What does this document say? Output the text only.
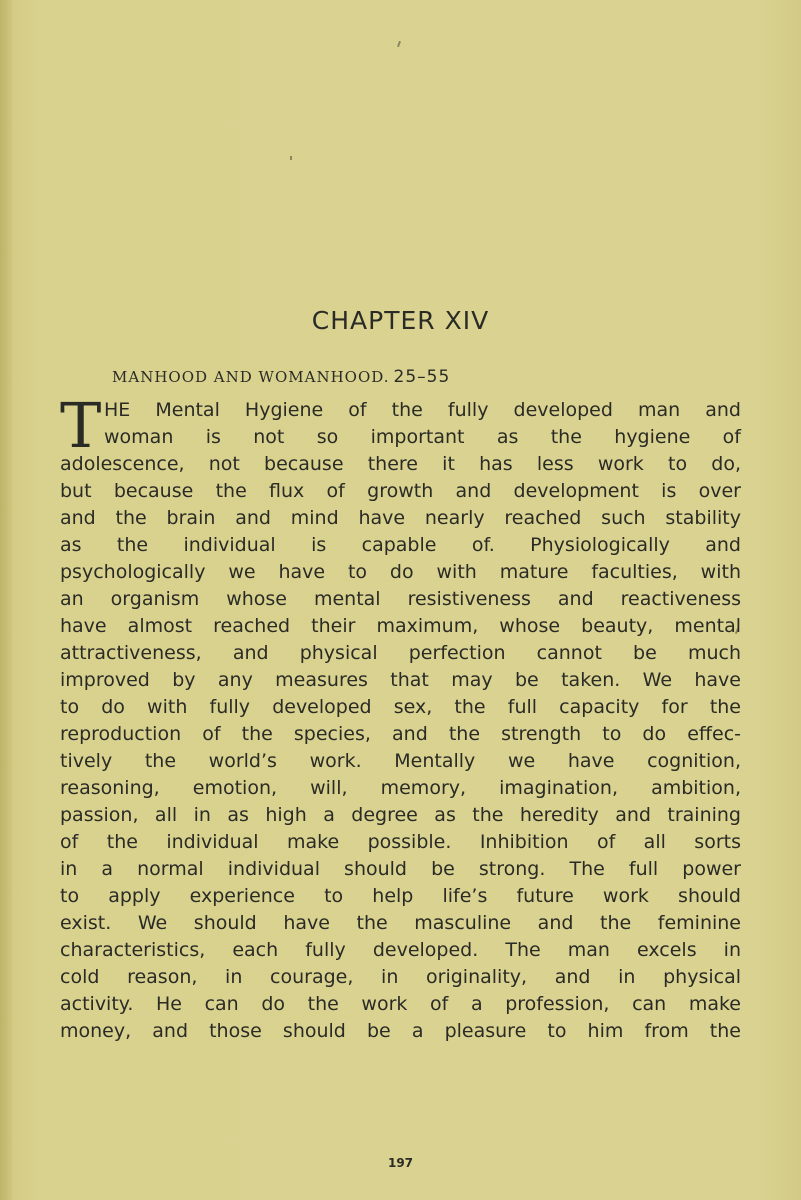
CHAPTER XIV
MANHOOD AND WOMANHOOD. 25–55
T HE Mental Hygiene of the fully developed man and
woman is not so important as the hygiene of
adolescence, not because there it has less work to do,
but because the flux of growth and development is over
and the brain and mind have nearly reached such stability
as the individual is capable of. Physiologically and
psychologically we have to do with mature faculties, with
an organism whose mental resistiveness and reactiveness
have almost reached their maximum, whose beauty, mental
attractiveness, and physical perfection cannot be much
improved by any measures that may be taken. We have
to do with fully developed sex, the full capacity for the
reproduction of the species, and the strength to do effec-
tively the world’s work. Mentally we have cognition,
reasoning, emotion, will, memory, imagination, ambition,
passion, all in as high a degree as the heredity and training
of the individual make possible. Inhibition of all sorts
in a normal individual should be strong. The full power
to apply experience to help life’s future work should
exist. We should have the masculine and the feminine
characteristics, each fully developed. The man excels in
cold reason, in courage, in originality, and in physical
activity. He can do the work of a profession, can make
money, and those should be a pleasure to him from the
197
